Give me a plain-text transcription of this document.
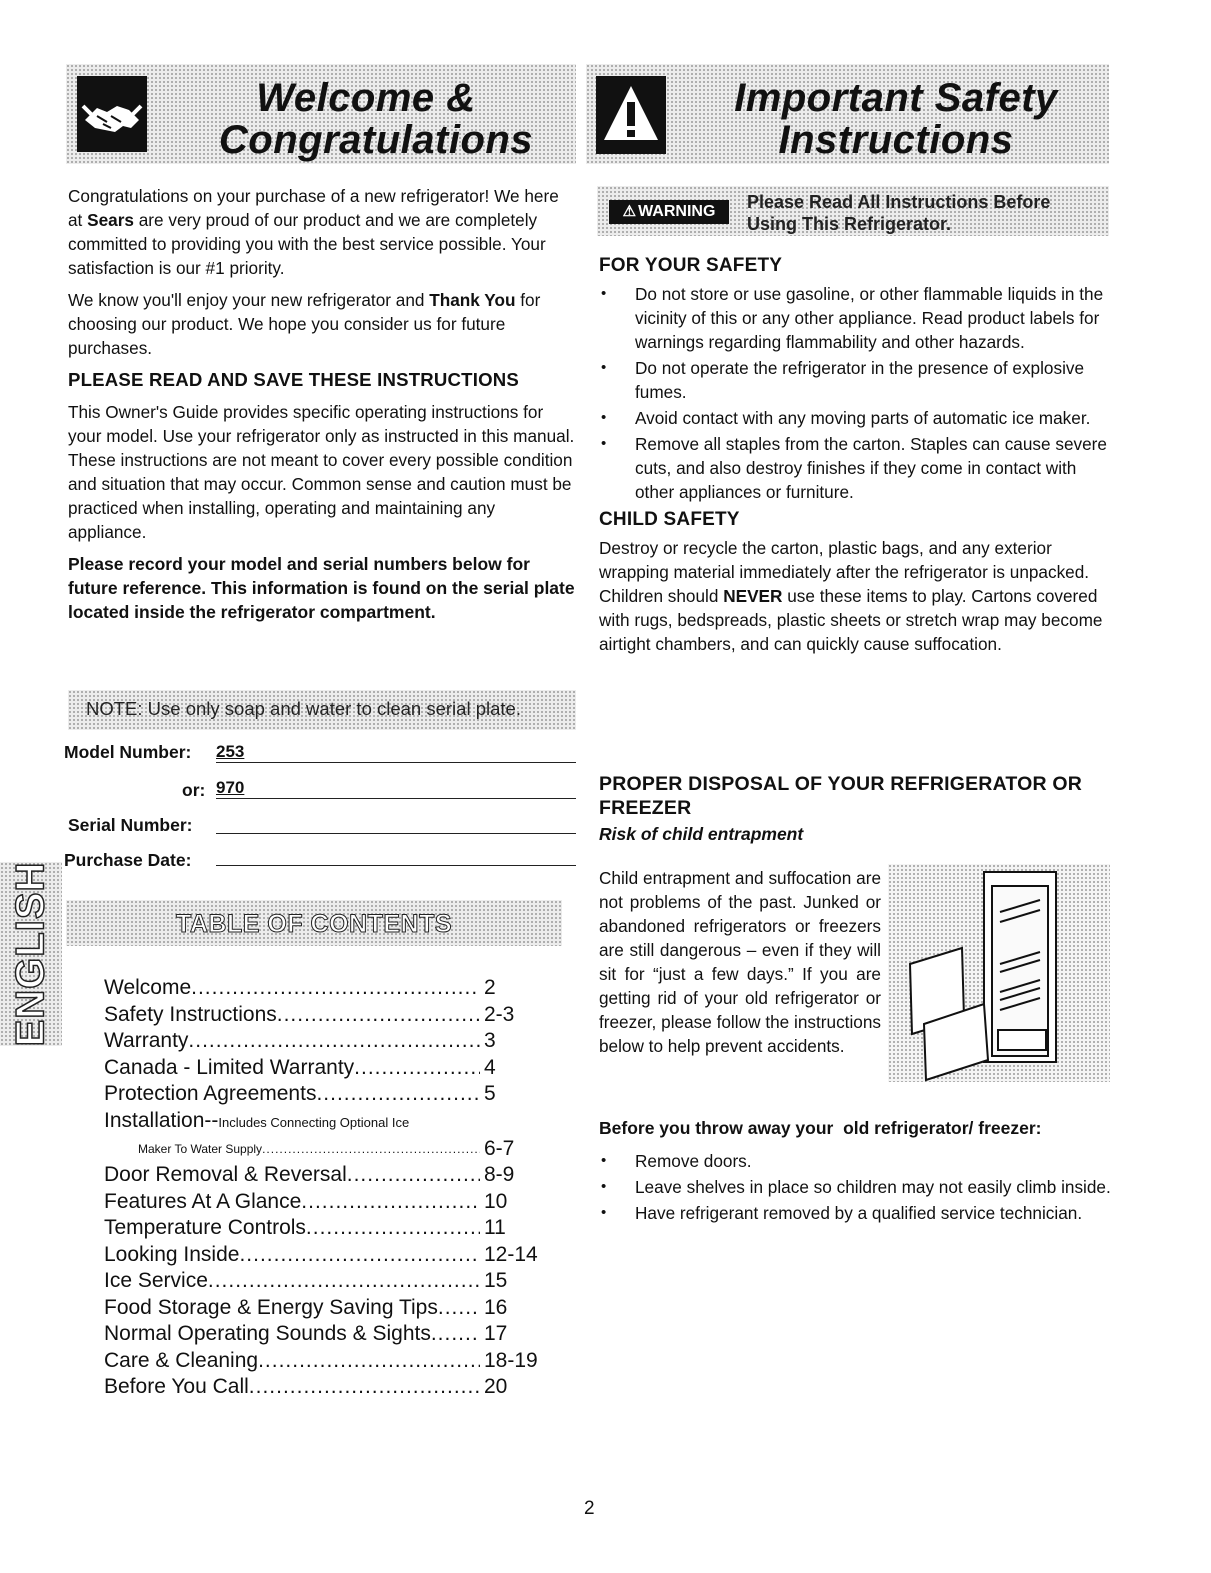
Welcome &
Congratulations
Important Safety
Instructions

Congratulations on your purchase of a new refrigerator! We here at Sears are very proud of our product and we are completely committed to providing you with the best service possible. Your satisfaction is our #1 priority.

We know you'll enjoy your new refrigerator and Thank You for choosing our product. We hope you consider us for future purchases.

PLEASE READ AND SAVE THESE INSTRUCTIONS

This Owner's Guide provides specific operating instructions for your model. Use your refrigerator only as instructed in this manual. These instructions are not meant to cover every possible condition and situation that may occur. Common sense and caution must be practiced when installing, operating and maintaining any appliance.

Please record your model and serial numbers below for future reference. This information is found on the serial plate located inside the refrigerator compartment.

NOTE: Use only soap and water to clean serial plate.
Model Number: 253
or: 970
Serial Number:
Purchase Date:
ENGLISH	TABLE OF CONTENTS
Welcome .....	2
Safety Instructions .....	2-3
Warranty .....	3
Canada - Limited Warranty .....	4
Protection Agreements .....	5
Installation--Includes Connecting Optional Ice
Maker To Water Supply .....	6-7
Door Removal & Reversal .....	8-9
Features At A Glance .....	10
Temperature Controls .....	11
Looking Inside .....	12-14
Ice Service .....	15
Food Storage & Energy Saving Tips ..... 16
Normal Operating Sounds & Sights .....	17
Care & Cleaning .....	18-19
Before You Call .....	20
⚠ WARNING Please Read All Instructions Before
Using This Refrigerator.
FOR YOUR SAFETY
• Do not store or use gasoline, or other flammable liquids in the vicinity of this or any other appliance. Read product labels for warnings regarding flammability and other hazards.
• Do not operate the refrigerator in the presence of explosive fumes.
• Avoid contact with any moving parts of automatic ice maker.
• Remove all staples from the carton. Staples can cause severe cuts, and also destroy finishes if they come in contact with other appliances or furniture.
CHILD SAFETY

Destroy or recycle the carton, plastic bags, and any exterior wrapping material immediately after the refrigerator is unpacked. Children should NEVER use these items to play. Cartons covered with rugs, bedspreads, plastic sheets or stretch wrap may become airtight chambers, and can quickly cause suffocation.

PROPER DISPOSAL OF YOUR REFRIGERATOR OR FREEZER
Risk of child entrapment
Child entrapment and suffocation are not problems of the past. Junked or abandoned refrigerators or freezers are still dangerous – even if they will sit for “just a few days.” If you are getting rid of your old refrigerator or freezer, please follow the instructions below to help prevent accidents.
Before you throw away your  old refrigerator/ freezer:
• Remove doors.
• Leave shelves in place so children may not easily climb inside.
• Have refrigerant removed by a qualified service technician.
2
